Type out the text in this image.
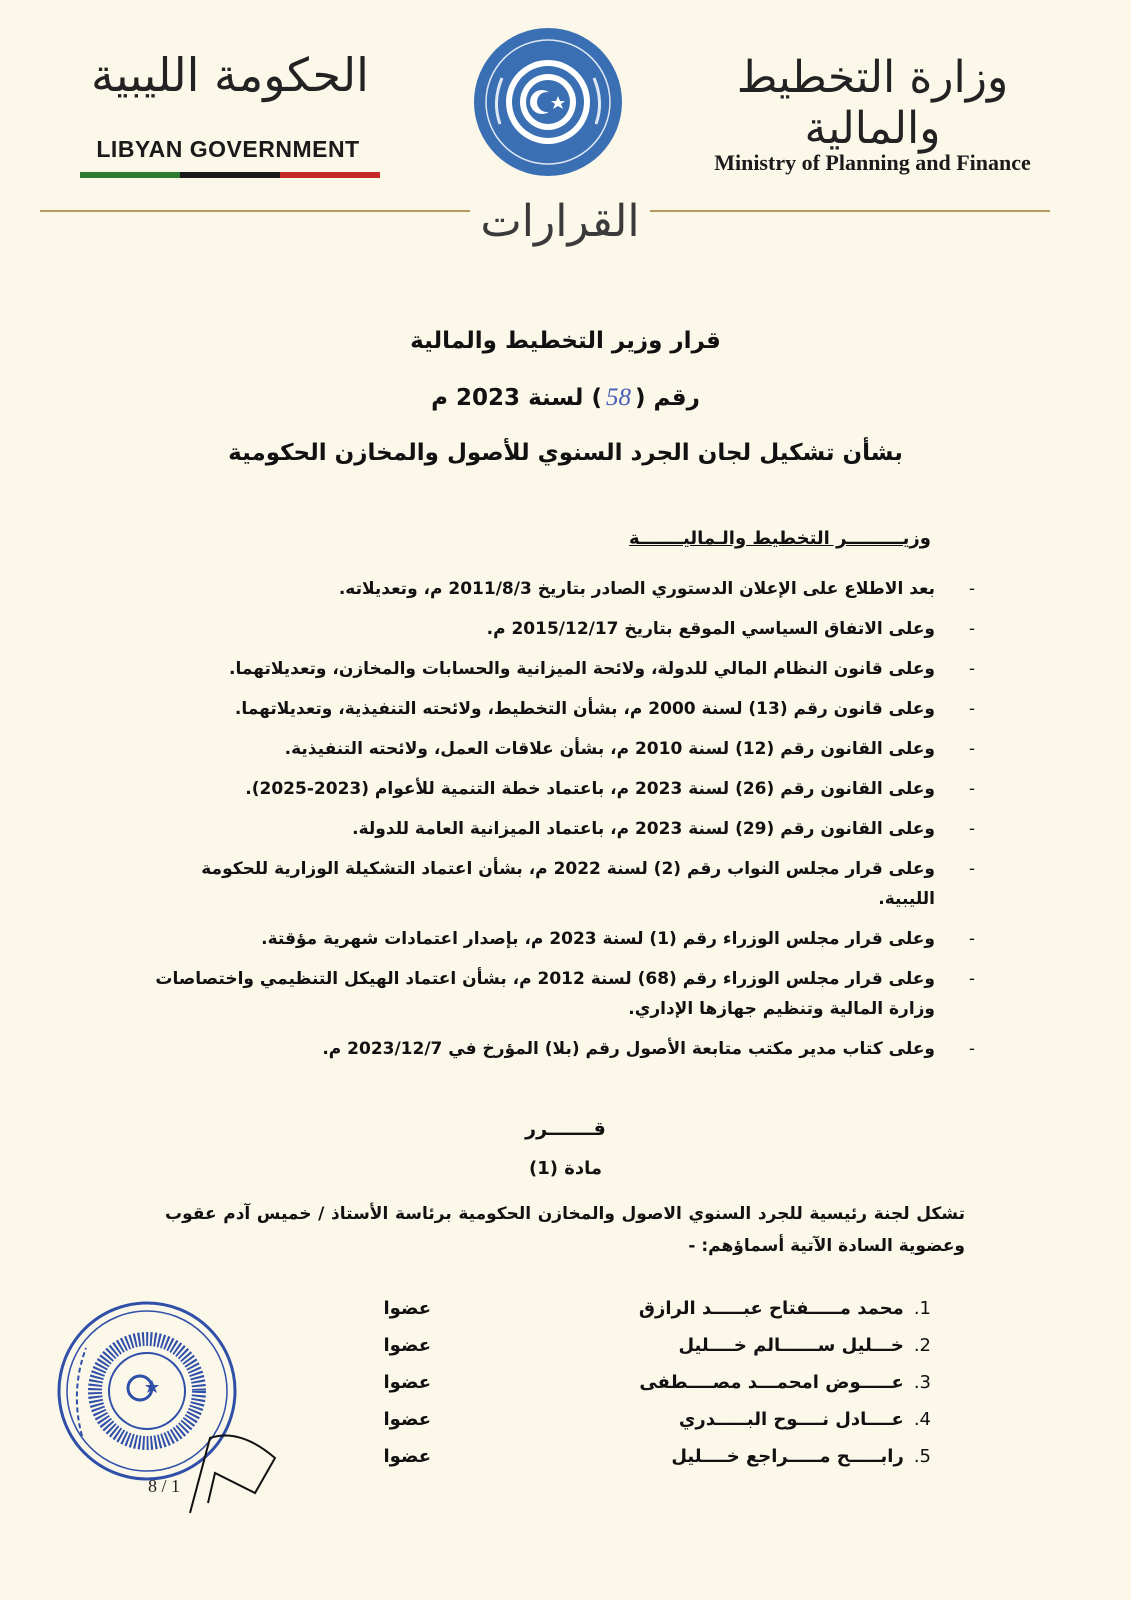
الحكومة الليبية
LIBYAN GOVERNMENT
وزارة التخطيط والمالية
Ministry of Planning and Finance
القرارات
قرار وزير التخطيط والمالية
رقم (58) لسنة 2023 م
بشأن تشكيل لجان الجرد السنوي للأصول والمخازن الحكومية
وزيـــــــــر التخطيط والـماليـــــــة
-
بعد الاطلاع على الإعلان الدستوري الصادر بتاريخ 2011/8/3 م، وتعديلاته.
-
وعلى الاتفاق السياسي الموقع بتاريخ 2015/12/17 م.
-
وعلى قانون النظام المالي للدولة، ولائحة الميزانية والحسابات والمخازن، وتعديلاتهما.
-
وعلى قانون رقم (13) لسنة 2000 م، بشأن التخطيط، ولائحته التنفيذية، وتعديلاتهما.
-
وعلى القانون رقم (12) لسنة 2010 م، بشأن علاقات العمل، ولائحته التنفيذية.
-
وعلى القانون رقم (26) لسنة 2023 م، باعتماد خطة التنمية للأعوام (2023-2025).
-
وعلى القانون رقم (29) لسنة 2023 م، باعتماد الميزانية العامة للدولة.
-
وعلى قرار مجلس النواب رقم (2) لسنة 2022 م، بشأن اعتماد التشكيلة الوزارية للحكومة الليبية.
-
وعلى قرار مجلس الوزراء رقم (1) لسنة 2023 م، بإصدار اعتمادات شهرية مؤقتة.
-
وعلى قرار مجلس الوزراء رقم (68) لسنة 2012 م، بشأن اعتماد الهيكل التنظيمي واختصاصات وزارة المالية وتنظيم جهازها الإداري.
-
وعلى كتاب مدير مكتب متابعة الأصول رقم (بلا) المؤرخ في 2023/12/7 م.
قـــــــرر
مادة (1)
تشكل لجنة رئيسية للجرد السنوي الاصول والمخازن الحكومية برئاسة الأستاذ / خميس آدم عقوب وعضوية السادة الآتية أسماؤهم: -
1.
محمد مـــــفتاح عبـــــد الرازق
عضوا
2.
خـــليل ســــــالم خــــليل
عضوا
3.
عـــــوض امحمـــد مصــــطفى
عضوا
4.
عــــادل نــــوح البـــــدري
عضوا
5.
رابـــــح مـــــراجع خــــليل
عضوا
8 / 1
